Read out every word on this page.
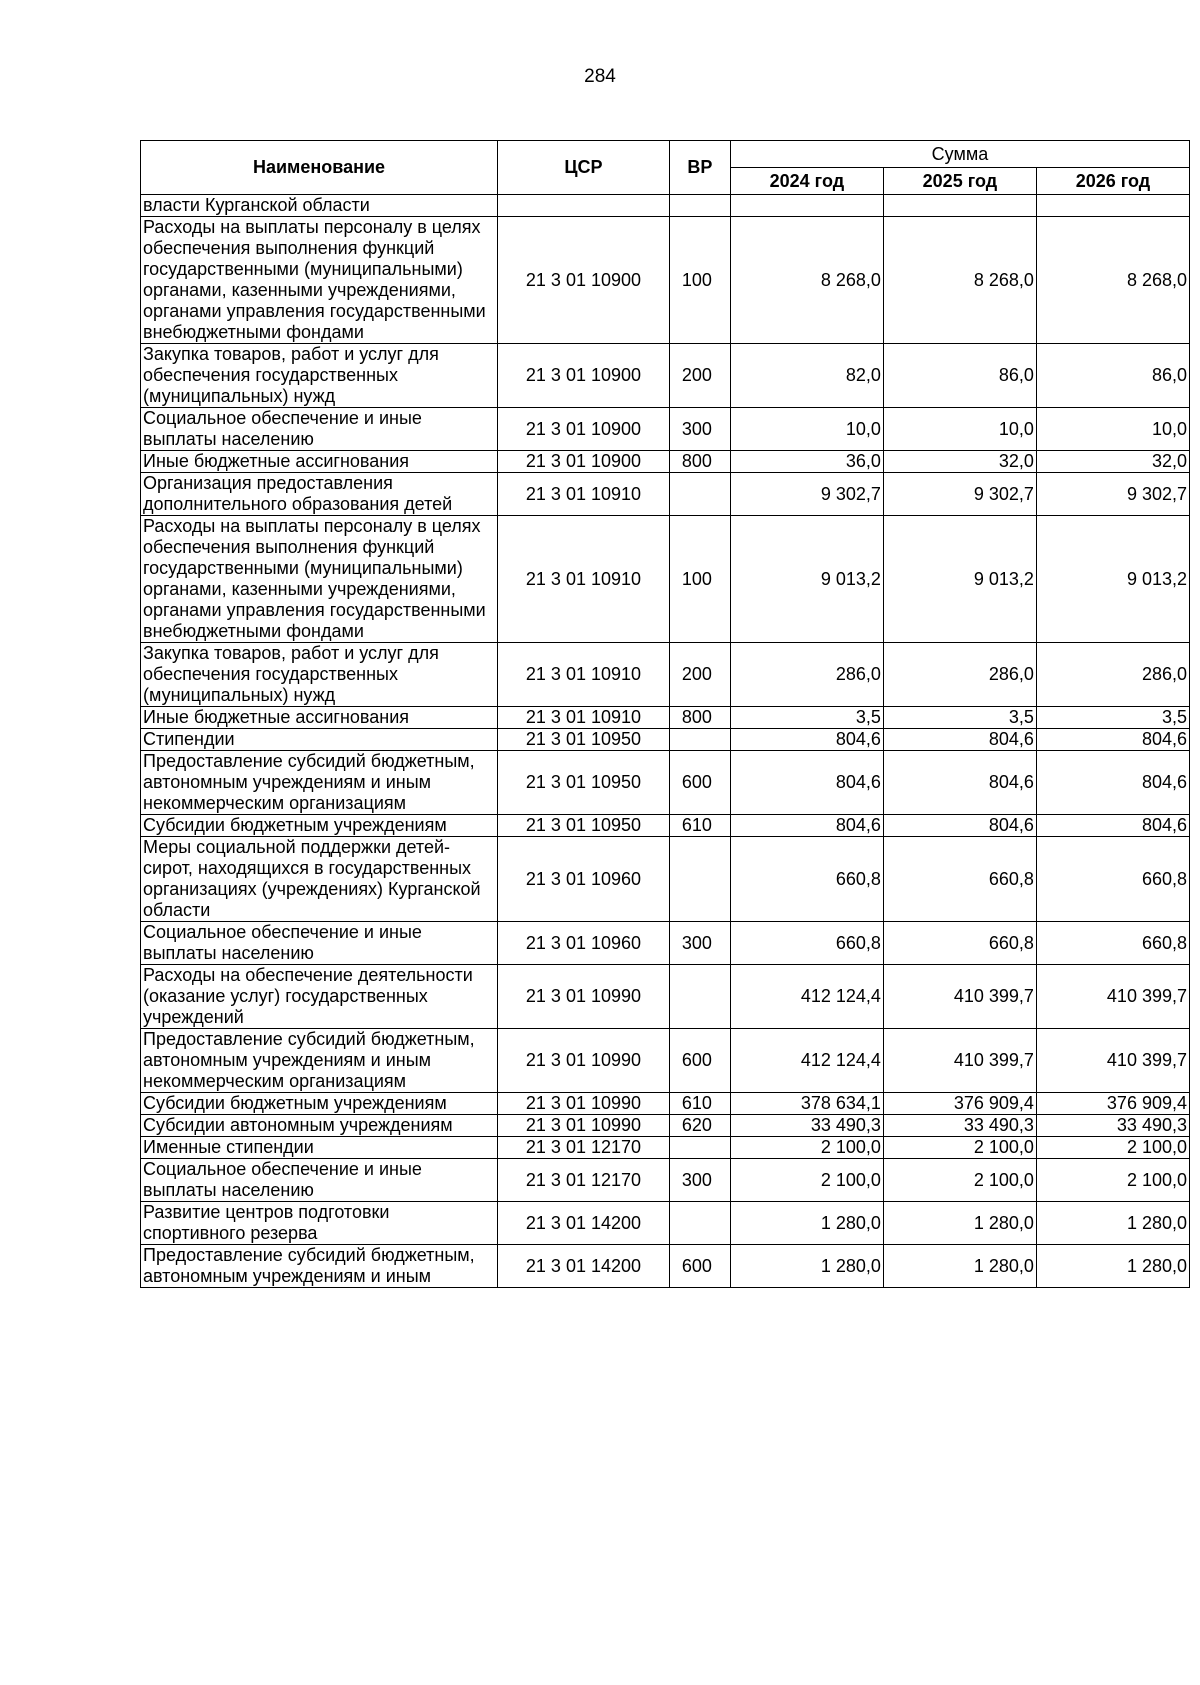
284
Наименование	ЦСР	ВР	Сумма		
			2024 год	2025 год	2026 год
власти Курганской области					
Расходы на выплаты персоналу в целях обеспечения выполнения функций государственными (муниципальными) органами, казенными учреждениями, органами управления государственными внебюджетными фондами	21 3 01 10900	100	8 268,0	8 268,0	8 268,0
Закупка товаров, работ и услуг для обеспечения государственных (муниципальных) нужд	21 3 01 10900	200	82,0	86,0	86,0
Социальное обеспечение и иные выплаты населению	21 3 01 10900	300	10,0	10,0	10,0
Иные бюджетные ассигнования	21 3 01 10900	800	36,0	32,0	32,0
Организация предоставления дополнительного образования детей	21 3 01 10910		9 302,7	9 302,7	9 302,7
Расходы на выплаты персоналу в целях обеспечения выполнения функций государственными (муниципальными) органами, казенными учреждениями, органами управления государственными внебюджетными фондами	21 3 01 10910	100	9 013,2	9 013,2	9 013,2
Закупка товаров, работ и услуг для обеспечения государственных (муниципальных) нужд	21 3 01 10910	200	286,0	286,0	286,0
Иные бюджетные ассигнования	21 3 01 10910	800	3,5	3,5	3,5
Стипендии	21 3 01 10950		804,6	804,6	804,6
Предоставление субсидий бюджетным, автономным учреждениям и иным некоммерческим организациям	21 3 01 10950	600	804,6	804,6	804,6
Субсидии бюджетным учреждениям	21 3 01 10950	610	804,6	804,6	804,6
Меры социальной поддержки детей-сирот, находящихся в государственных организациях (учреждениях) Курганской области	21 3 01 10960		660,8	660,8	660,8
Социальное обеспечение и иные выплаты населению	21 3 01 10960	300	660,8	660,8	660,8
Расходы на обеспечение деятельности (оказание услуг) государственных учреждений	21 3 01 10990		412 124,4	410 399,7	410 399,7
Предоставление субсидий бюджетным, автономным учреждениям и иным некоммерческим организациям	21 3 01 10990	600	412 124,4	410 399,7	410 399,7
Субсидии бюджетным учреждениям	21 3 01 10990	610	378 634,1	376 909,4	376 909,4
Субсидии автономным учреждениям	21 3 01 10990	620	33 490,3	33 490,3	33 490,3
Именные стипендии	21 3 01 12170		2 100,0	2 100,0	2 100,0
Социальное обеспечение и иные выплаты населению	21 3 01 12170	300	2 100,0	2 100,0	2 100,0
Развитие центров подготовки спортивного резерва	21 3 01 14200		1 280,0	1 280,0	1 280,0
Предоставление субсидий бюджетным, автономным учреждениям и иным	21 3 01 14200	600	1 280,0	1 280,0	1 280,0
